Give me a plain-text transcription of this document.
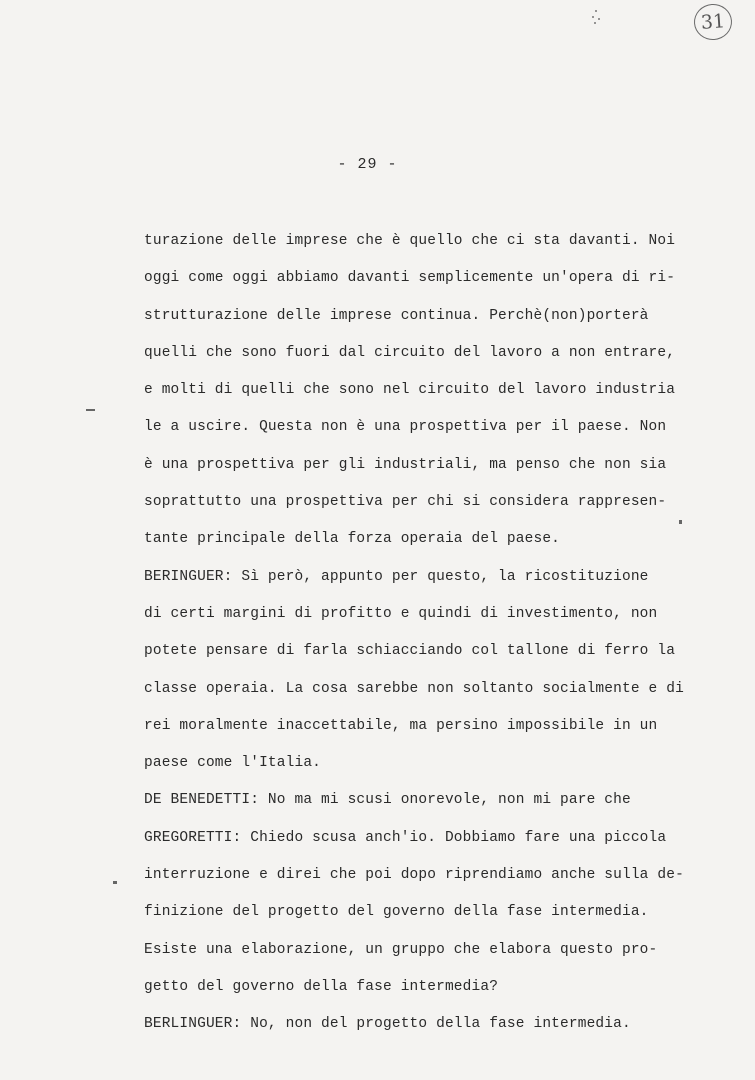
31
- 29 -
turazione delle imprese che è quello che ci sta davanti. Noi
oggi come oggi abbiamo davanti semplicemente un'opera di ri-
strutturazione delle imprese continua. Perchè(non)porterà
quelli che sono fuori dal circuito del lavoro a non entrare,
e molti di quelli che sono nel circuito del lavoro industria
le a uscire. Questa non è una prospettiva per il paese. Non
è una prospettiva per gli industriali, ma penso che non sia
soprattutto una prospettiva per chi si considera rappresen-
tante principale della forza operaia del paese.
BERINGUER: Sì però, appunto per questo, la ricostituzione
di certi margini di profitto e quindi di investimento, non
potete pensare di farla schiacciando col tallone di ferro la
classe operaia. La cosa sarebbe non soltanto socialmente e di
rei moralmente inaccettabile, ma persino impossibile in un
paese come l'Italia.
DE BENEDETTI: No ma mi scusi onorevole, non mi pare che
GREGORETTI: Chiedo scusa anch'io. Dobbiamo fare una piccola
interruzione e direi che poi dopo riprendiamo anche sulla de-
finizione del progetto del governo della fase intermedia.
Esiste una elaborazione, un gruppo che elabora questo pro-
getto del governo della fase intermedia?
BERLINGUER: No, non del progetto della fase intermedia.
